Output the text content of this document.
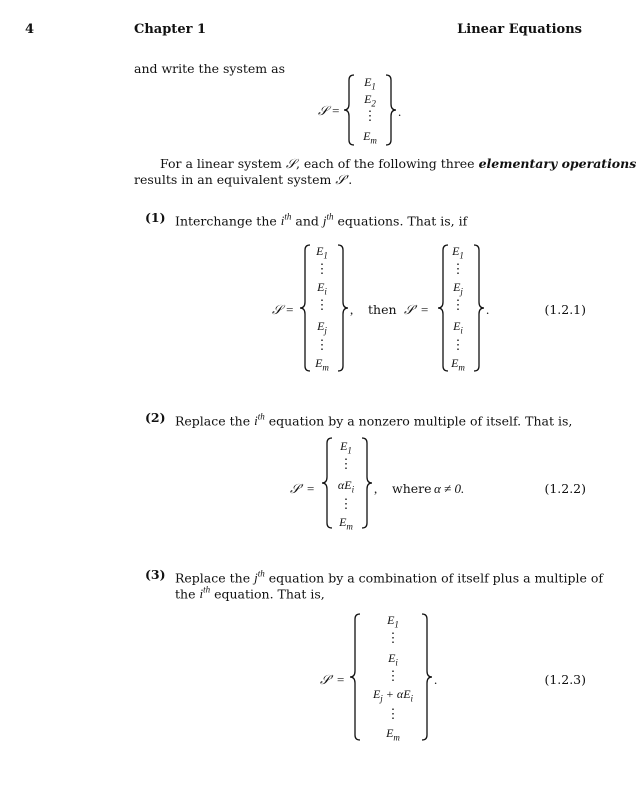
4	Chapter 1	Linear Equations
and write the system as
𝒮 =
$E_1$
$E_2$
⋮
$E_m$
.
For a linear system 𝒮, each of the following three elementary operations
results in an equivalent system 𝒮′.
(1) Interchange the $i^{th}$ and $j^{th}$ equations. That is, if
𝒮 =
$E_1$
⋮
$E_i$
⋮
$E_j$
⋮
$E_m$
, then 𝒮′ =
$E_1$
⋮
$E_j$
⋮
$E_i$
⋮
$E_m$
.	(1.2.1)
(2) Replace the $i^{th}$ equation by a nonzero multiple of itself. That is,
𝒮′ =
$E_1$
⋮
$\alpha E_i$
⋮
$E_m$
, where α ≠ 0.	(1.2.2)
(3) Replace the $j^{th}$ equation by a combination of itself plus a multiple of
the $i^{th}$ equation. That is,
𝒮′ =
$E_1$
⋮
$E_i$
⋮
$E_j + \alpha E_i$
⋮
$E_m$
.	(1.2.3)
